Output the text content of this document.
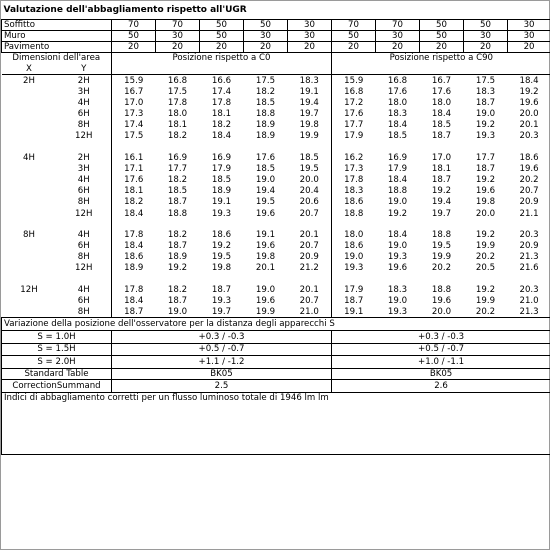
Valutazione dell'abbagliamento rispetto all'UGR											
Soffitto		70	70	50	50	30	70	70	50	50	30
Muro		50	30	50	30	30	50	30	50	30	30
Pavimento		20	20	20	20	20	20	20	20	20	20
Dimensioni dell'area		Posizione rispetto a C0					Posizione rispetto a C90				
X	Y										
2H	2H	15.9	16.8	16.6	17.5	18.3	15.9	16.8	16.7	17.5	18.4
	3H	16.7	17.5	17.4	18.2	19.1	16.8	17.6	17.6	18.3	19.2
	4H	17.0	17.8	17.8	18.5	19.4	17.2	18.0	18.0	18.7	19.6
	6H	17.3	18.0	18.1	18.8	19.7	17.6	18.3	18.4	19.0	20.0
	8H	17.4	18.1	18.2	18.9	19.8	17.7	18.4	18.5	19.2	20.1
	12H	17.5	18.2	18.4	18.9	19.9	17.9	18.5	18.7	19.3	20.3

4H	2H	16.1	16.9	16.9	17.6	18.5	16.2	16.9	17.0	17.7	18.6
	3H	17.1	17.7	17.9	18.5	19.5	17.3	17.9	18.1	18.7	19.6
	4H	17.6	18.2	18.5	19.0	20.0	17.8	18.4	18.7	19.2	20.2
	6H	18.1	18.5	18.9	19.4	20.4	18.3	18.8	19.2	19.6	20.7
	8H	18.2	18.7	19.1	19.5	20.6	18.6	19.0	19.4	19.8	20.9
	12H	18.4	18.8	19.3	19.6	20.7	18.8	19.2	19.7	20.0	21.1

8H	4H	17.8	18.2	18.6	19.1	20.1	18.0	18.4	18.8	19.2	20.3
	6H	18.4	18.7	19.2	19.6	20.7	18.6	19.0	19.5	19.9	20.9
	8H	18.6	18.9	19.5	19.8	20.9	19.0	19.3	19.9	20.2	21.3
	12H	18.9	19.2	19.8	20.1	21.2	19.3	19.6	20.2	20.5	21.6

12H	4H	17.8	18.2	18.7	19.0	20.1	17.9	18.3	18.8	19.2	20.3
	6H	18.4	18.7	19.3	19.6	20.7	18.7	19.0	19.6	19.9	21.0
	8H	18.7	19.0	19.7	19.9	21.0	19.1	19.3	20.0	20.2	21.3
Variazione della posizione dell'osservatore per la distanza degli apparecchi S											
S = 1.0H		+0.3 / -0.3					+0.3 / -0.3				
S = 1.5H		+0.5 / -0.7					+0.5 / -0.7				
S = 2.0H		+1.1 / -1.2					+1.0 / -1.1				
Standard Table		BK05					BK05				
CorrectionSummand		2.5					2.6				
Indici di abbagliamento corretti per un flusso luminoso totale di 1946 lm lm											
